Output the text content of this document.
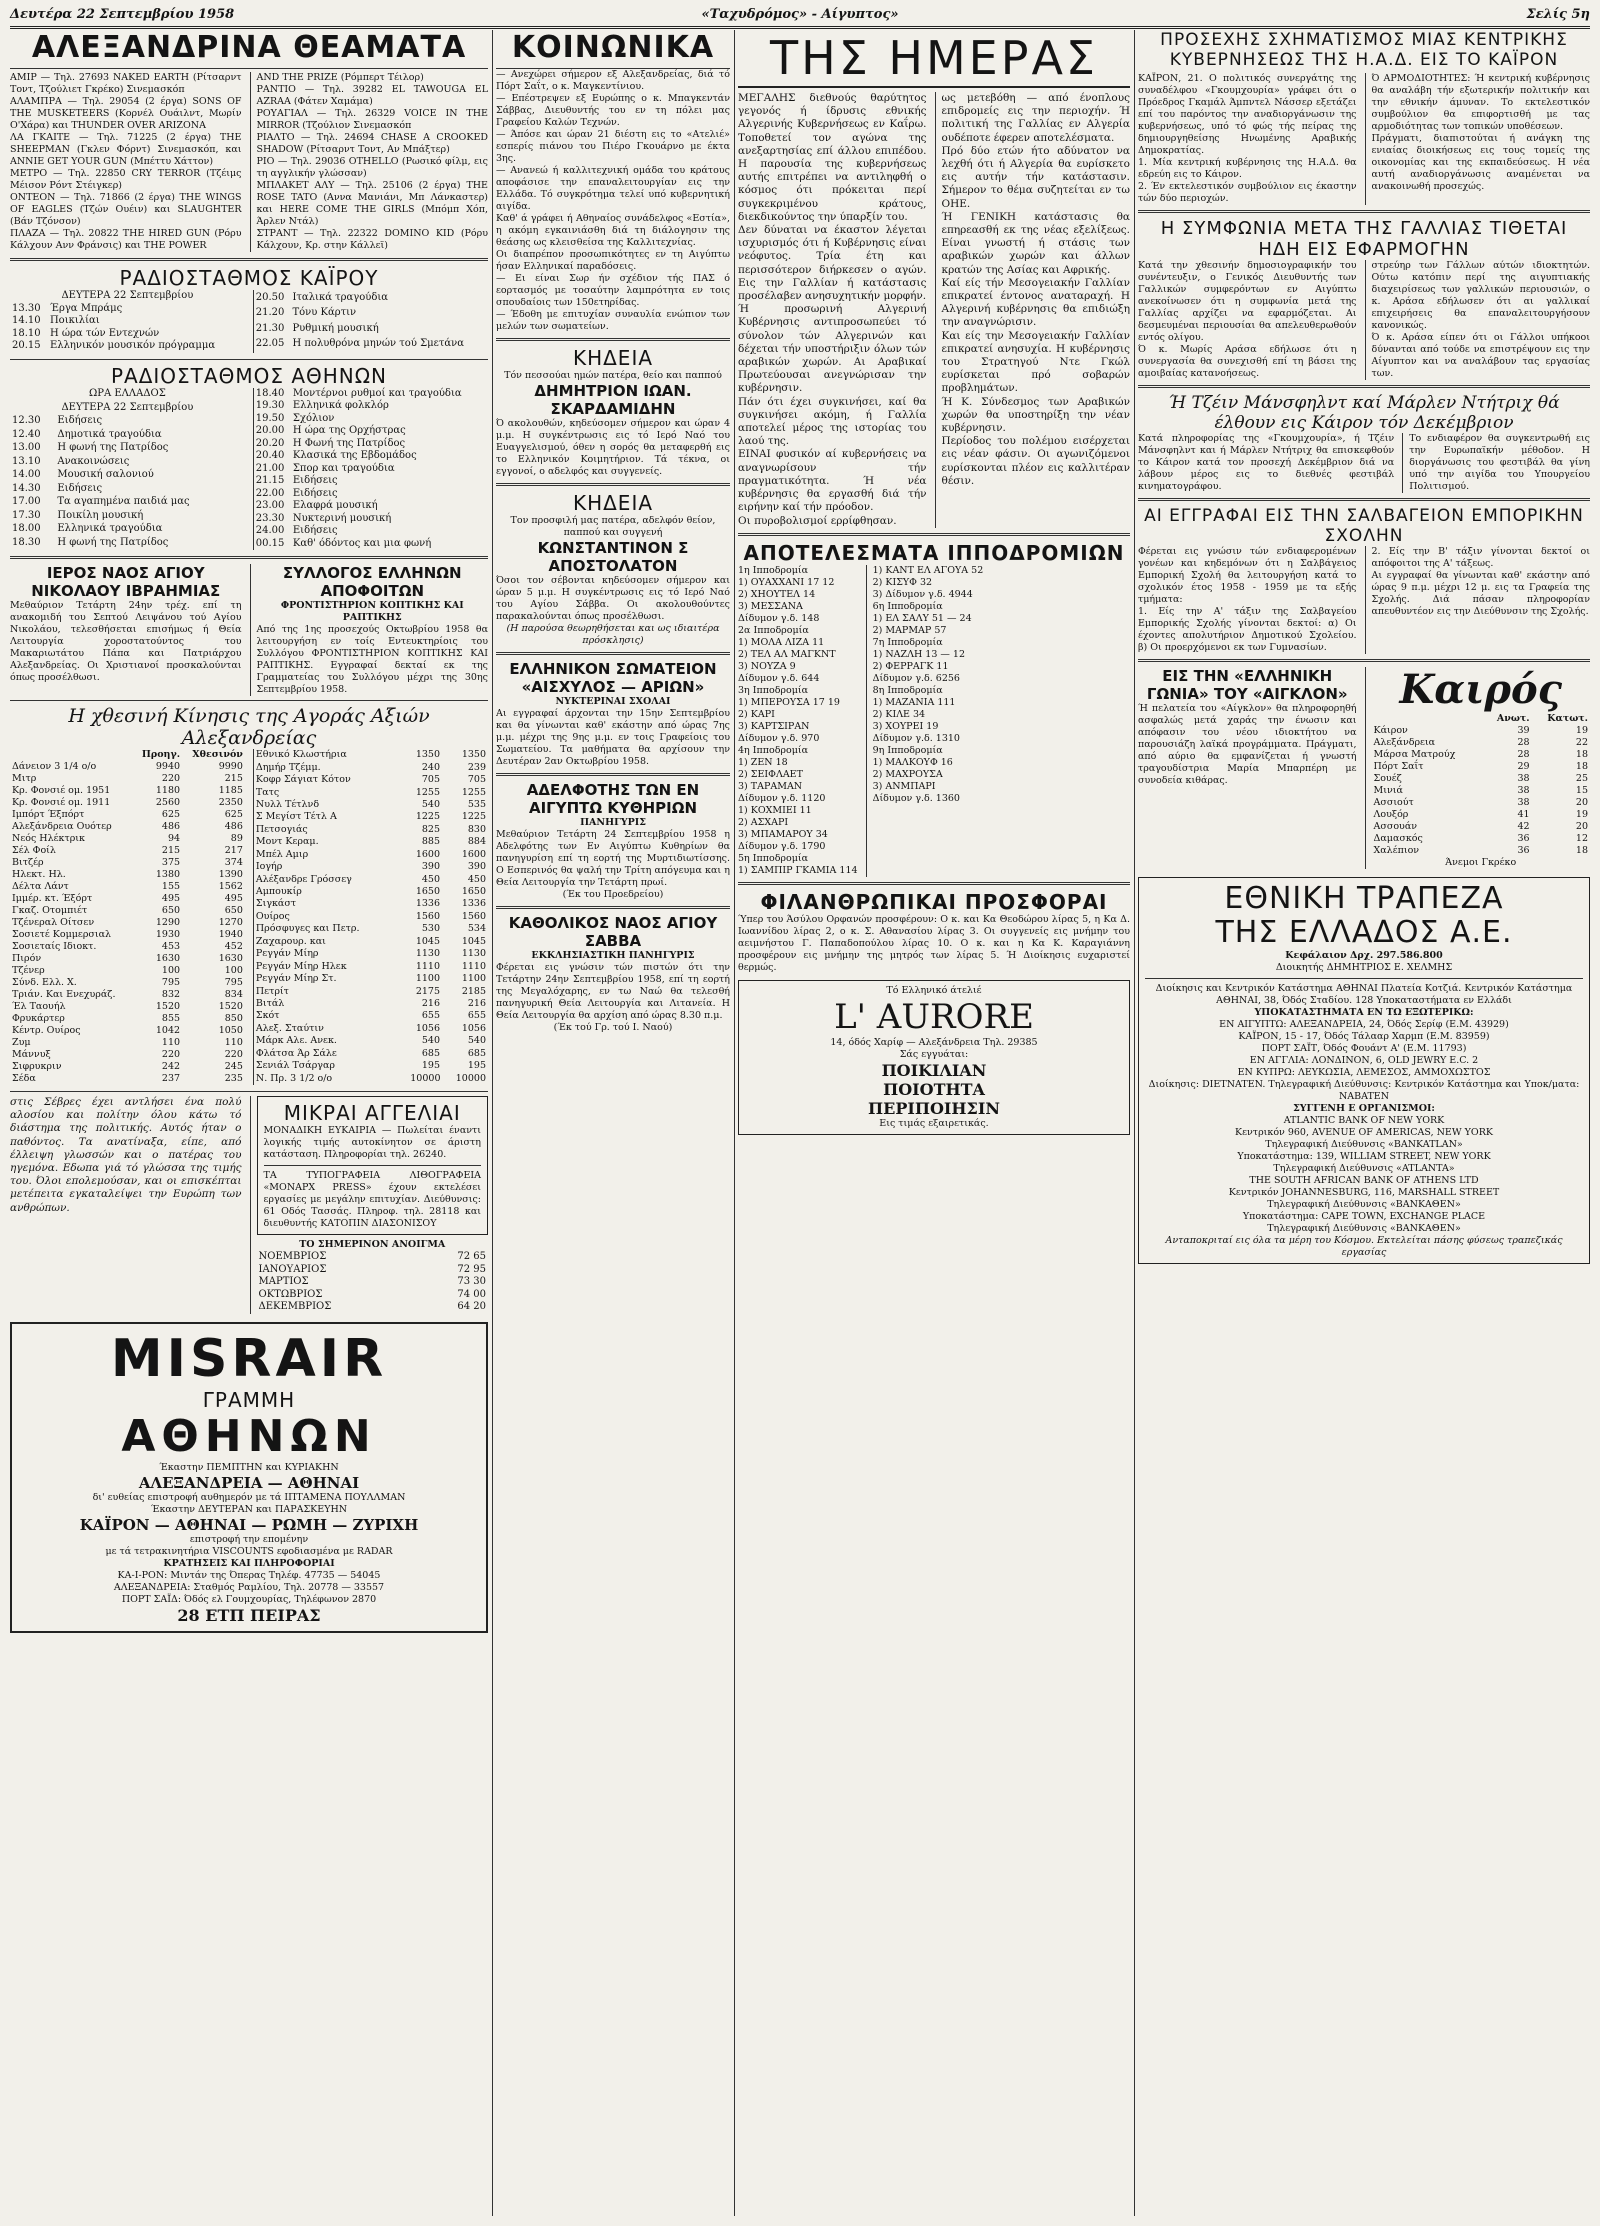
Δευτέρα 22 Σεπτεμβρίου 1958	«Ταχυδρόμος» - Αίγυπτος»	Σελίς 5η
ΑΛΕΞΑΝΔΡΙΝΑ ΘΕΑΜΑΤΑ

ΑΜΙΡ — Τηλ. 27693 NAKED EARTH (Ρίτσαρντ Τοντ, Τζούλιετ Γκρέκο) Σινεμασκόπ

ΑΛΑΜΠΡΑ — Τηλ. 29054 (2 έργα) SONS OF THE MUSKETEERS (Κορνέλ Ουάιλντ, Μωρίν Ο'Χάρα) και THUNDER OVER ARIZONA

ΛΑ ΓΚΑΙΤΕ — Τηλ. 71225 (2 έργα) THE SHEEPMAN (Γκλεν Φόρντ) Σινεμασκόπ, και ANNIE GET YOUR GUN (Μπέττυ Χάττον)

ΜΕΤΡΟ — Τηλ. 22850 CRY TERROR (Τζέιμς Μέισον Ρόντ Στέιγκερ)

ΟΝΤΕΟΝ — Τηλ. 71866 (2 έργα) THE WINGS OF EAGLES (Τζών Ουέιν) και SLAUGHTER (Βάν Τζόνσον)

ΠΛΑΖΑ — Τηλ. 20822 THE HIRED GUN (Ρόρυ Κάλχουν Ανν Φράνσις) και THE POWER

AND THE PRIZE (Ρόμπερτ Τέιλορ)

ΡΑΝΤΙΟ — Τηλ. 39282 EL TAWOUGA EL AZRAA (Φάτεν Χαμάμα)

ΡΟΥΑΓΙΑΛ — Τηλ. 26329 VOICE IN THE MIRROR (Τζούλιον Σινεμασκόπ

ΡΙΑΛΤΟ — Τηλ. 24694 CHASE A CROOKED SHADOW (Ρίτσαρντ Τοντ, Αν Μπάξτερ)

ΡΙΟ — Τηλ. 29036 OTHELLO (Ρωσικό φίλμ, εις τη αγγλικήν γλώσσαν)

ΜΠΛΑΚΕΤ ΑΛΥ — Τηλ. 25106 (2 έργα) THE ROSE TATO (Αννα Μανιάνι, Μπ Λάνκαστερ) και HERE COME THE GIRLS (Μπόμπ Χόπ, Άρλεν Ντάλ)

ΣΤΡΑΝΤ — Τηλ. 22322 DOMINO KID (Ρόρυ Κάλχουν, Κρ. στην Κάλλεϊ)

ΡΑΔΙΟΣΤΑΘΜΟΣ ΚΑΪΡΟΥ
ΔΕΥΤΕΡΑ 22 Σεπτεμβρίου	
13.30	Έργα Μπράμς
14.10	Ποικιλίαι
18.10	Η ώρα τών Εντεχνών
20.15	Ελληνικόν μουσικόν πρόγραμμα
20.50	Ιταλικά τραγούδια
21.20	Τόνυ Κάρτιν
21.30	Ρυθμική μουσική
22.05	Η πολυθρόνα μηνών τού Σμετάνα
ΡΑΔΙΟΣΤΑΘΜΟΣ ΑΘΗΝΩΝ
ΩΡΑ ΕΛΛΑΔΟΣ	
ΔΕΥΤΕΡΑ 22 Σεπτεμβρίου	
12.30	Ειδήσεις
12.40	Δημοτικά τραγούδια
13.00	Η φωνή της Πατρίδος
13.10	Ανακοινώσεις
14.00	Μουσική σαλονιού
14.30	Ειδήσεις
17.00	Τα αγαπημένα παιδιά μας
17.30	Ποικίλη μουσική
18.00	Ελληνικά τραγούδια
18.30	Η φωνή της Πατρίδος
18.40	Μοντέρνοι ρυθμοί και τραγούδια
19.30	Ελληνικά φολκλόρ
19.50	Σχόλιον
20.00	Η ώρα της Ορχήστρας
20.20	Η Φωνή της Πατρίδος
20.40	Κλασικά της Εβδομάδος
21.00	Σπορ και τραγούδια
21.15	Ειδήσεις
22.00	Ειδήσεις
23.00	Ελαφρά μουσική
23.30	Νυκτερινή μουσική
24.00	Ειδήσεις
00.15	Καθ' όδόντος και μια φωνή
ΙΕΡΟΣ ΝΑΟΣ ΑΓΙΟΥ ΝΙΚΟΛΑΟΥ ΙΒΡΑΗΜΙΑΣ

Μεθαύριον Τετάρτη 24ην τρέχ. επί τη ανακομιδή του Σεπτού Λειψάνου τού Αγίου Νικολάου, τελεσθήσεται επισήμως ή Θεία Λειτουργία χοροστατούντος του Μακαριωτάτου Πάπα και Πατριάρχου Αλεξανδρείας. Οι Χριστιανοί προσκαλούνται όπως προσέλθωσι.

ΣΥΛΛΟΓΟΣ ΕΛΛΗΝΩΝ ΑΠΟΦΟΙΤΩΝ
ΦΡΟΝΤΙΣΤΗΡΙΟΝ ΚΟΠΤΙΚΗΣ ΚΑΙ ΡΑΠΤΙΚΗΣ

Από της 1ης προσεχούς Οκτωβρίου 1958 θα λειτουργήση εν τοίς Εντευκτηρίοις του Συλλόγου ΦΡΟΝΤΙΣΤΗΡΙΟΝ ΚΟΠΤΙΚΗΣ ΚΑΙ ΡΑΠΤΙΚΗΣ. Εγγραφαί δεκταί εκ της Γραμματείας του Συλλόγου μέχρι της 30ης Σεπτεμβρίου 1958.

Η χθεσινή Κίνησις της Αγοράς Αξιών Αλεξανδρείας
	Προηγ.	Χθεσινόν
Δάνειον 3 1/4 ο/ο	9940	9990
Μιτρ	220	215
Κρ. Φονσιέ ομ. 1951	1180	1185
Κρ. Φονσιέ ομ. 1911	2560	2350
Ιμπόρτ Έξπόρτ	625	625
Αλεξάνδρεια Ουότερ	486	486
Νεός Ηλέκτρικ	94	89
Σέλ Φοίλ	215	217
Βιτζέρ	375	374
Ηλεκτ. Ηλ.	1380	1390
Δέλτα Λάντ	155	1562
Ιμμέρ. κτ. Έξόρτ	495	495
Γκαζ. Οτομπιέτ	650	650
Τζένεραλ Οίτσεν	1290	1270
Σοσιετέ Κομμερσιαλ	1930	1940
Σοσιεταίς Ιδιοκτ.	453	452
Πιρόν	1630	1630
Τζένερ	100	100
Σύνδ. Ελλ. Χ.	795	795
Τριάν. Και Ενεχυράζ.	832	834
Έλ Ταουήλ	1520	1520
Φρυκάρτερ	855	850
Κέντρ. Ουίρος	1042	1050
Ζυμ	110	110
Μάννυξ	220	220
Σιφρυκριν	242	245
Σέδα	237	235
Εθνικό Κλωστήρια	1350	1350
Δημήρ Τζέμμ.	240	239
Κοφρ Σάγιατ Κότον	705	705
Τατς	1255	1255
Νυλλ Τέτλνδ	540	535
Σ Μεγίστ Τέτλ Α	1225	1225
Πετσογιάς	825	830
Μοντ Κεραμ.	885	884
Μπέλ Αμιρ	1600	1600
Ιογήρ	390	390
Αλέξανδρε Γρόσσεγ	450	450
Αμπουκίρ	1650	1650
Σιγκάστ	1336	1336
Ουίρος	1560	1560
Πρόσφυγες και Πετρ.	530	534
Ζαχαρουρ. και	1045	1045
Ρεγγάν Μίηρ	1130	1130
Ρεγγάν Μίηρ Ηλεκ	1110	1110
Ρεγγάν Μίηρ Στ.	1100	1100
Πετρίτ	2175	2185
Βιτάλ	216	216
Σκότ	655	655
Αλεξ. Σταύτιν	1056	1056
Μάρκ Αλε. Ανεκ.	540	540
Φλάτσα Άρ Σάλε	685	685
Σενιάλ Τσάργαρ	195	195
Ν. Πρ. 3 1/2 ο/ο	10000	10000

στις Σέβρες έχει αντλήσει ένα πολύ αλοσίου και πολίτην όλου κάτω τό διάστημα της πολιτικής. Αυτός ήταν ο παθόντος. Τα ανατίναξα, είπε, από έλλειψη γλωσσών και ο πατέρας του ηγεμόνα. Εδωπα γιά τό γλώσσα της τιμής του. Όλοι επολεμούσαν, και οι επισκέπται μετέπειτα εγκαταλείψει την Ευρώπη των ανθρώπων.

ΜΙΚΡΑΙ ΑΓΓΕΛΙΑΙ

ΜΟΝΑΔΙΚΗ ΕΥΚΑΙΡΙΑ — Πωλείται έναντι λογικής τιμής αυτοκίνητον σε άριστη κατάσταση. Πληροφορίαι τηλ. 26240.

ΤΑ ΤΥΠΟΓΡΑΦΕΙΑ ΛΙΘΟΓΡΑΦΕΙΑ «ΜΟΝΑΡΧ PRESS» έχουν εκτελέσει εργασίες με μεγάλην επιτυχίαν. Διεύθυνσις: 61 Οδός Τασσάς. Πληροφ. τηλ. 28118 και διευθυντής ΚΑΤΟΠΙΝ ΔΙΑΣΟΝΙΣΟΥ

ΤΟ ΣΗΜΕΡΙΝΟΝ ΑΝΟΙΓΜΑ
ΝΟΕΜΒΡΙΟΣ	72 65
ΙΑΝΟΥΑΡΙΟΣ	72 95
ΜΑΡΤΙΟΣ	73 30
ΟΚΤΩΒΡΙΟΣ	74 00
ΔΕΚΕΜΒΡΙΟΣ	64 20
MISRAIR
ΓΡΑΜΜΗ
ΑΘΗΝΩΝ
Έκαστην ΠΕΜΠΤΗΝ και ΚΥΡΙΑΚΗΝ
ΑΛΕΞΑΝΔΡΕΙΑ — ΑΘΗΝΑΙ
δι' ευθείας επιστροφή αυθημερόν με τά ΙΠΤΑΜΕΝΑ ΠΟΥΛΛΜΑΝ
Έκαστην ΔΕΥΤΕΡΑΝ και ΠΑΡΑΣΚΕΥΗΝ
ΚΑΪΡΟΝ — ΑΘΗΝΑΙ — ΡΩΜΗ — ΖΥΡΙΧΗ
επιστροφή την επομένην
με τά τετρακινητήρια VISCOUNTS εφοδιασμένα με RADAR
ΚΡΑΤΗΣΕΙΣ ΚΑΙ ΠΛΗΡΟΦΟΡΙΑΙ
ΚΑ-Ι-ΡΟΝ: Μιντάν της Όπερας Τηλέφ. 47735 — 54045
ΑΛΕΞΑΝΔΡΕΙΑ: Σταθμός Ραμλίου, Τηλ. 20778 — 33557
ΠΟΡΤ ΣΑΪΔ: Όδός ελ Γουμχουρίας, Τηλέφωνον 2870
28 ΕΤΠ ΠΕΙΡΑΣ
ΚΟΙΝΩΝΙΚΑ

— Ανεχώρει σήμερον εξ Αλεξανδρείας, διά τό Πόρτ Σαΐτ, ο κ. Μαγκεντίνιου.

— Επέστρεψεν εξ Ευρώπης ο κ. Μπαγκεντάν Σάββας, Διευθυντής του εν τη πόλει μας Γραφείου Καλών Τεχνών.

— Άπόσε και ώραν 21 διέστη εις το «Ατελιέ» εσπερίς πιάνου του Πιέρο Γκουάρνο με έκτα 3ης.

— Ανανεώ ή καλλιτεχνική ομάδα του κράτους αποφάσισε την επαναλειτουργίαν εις την Ελλάδα. Τό συγκρότημα τελεί υπό κυβερνητική αιγίδα.

Καθ' ά γράφει ή Αθηναίος συνάδελφος «Εστία», η ακόμη εγκαινιάσθη διά τη διάλογησιν της θεάσης ως κλεισθείσα της Καλλιτεχνίας.

Οι διαπρέπον προσωπικότητες εν τη Αιγύπτω ήσαν Ελληνικαί παραδόσεις.

— Ει είναι Σωρ ήν σχέδιον τής ΠΑΣ ό εορτασμός με τοσαύτην λαμπρότητα εν τοις σπουδαίοις των 150ετηρίδας.

— Έδοθη με επιτυχίαν συναυλία ενώπιον των μελών των σωματείων.

ΚΗΔΕΙΑ

Τόν πεσσούαι ημών πατέρα, θείο και παππού

ΔΗΜΗΤΡΙΟΝ ΙΩΑΝ. ΣΚΑΡΔΑΜΙΔΗΝ

Ό ακολουθών, κηδεύσομεν σήμερον και ώραν 4 μ.μ. Η συγκέντρωσις εις τό Ιερό Ναό του Ευαγγελισμού, όθεν η σορός θα μεταφερθή εις το Ελληνικόν Κοιμητήριον. Τά τέκνα, οι εγγονοί, ο αδελφός και συγγενείς.

ΚΗΔΕΙΑ

Τον προσφιλή μας πατέρα, αδελφόν θείον, παππού και συγγενή

ΚΩΝΣΤΑΝΤΙΝΟΝ Σ ΑΠΟΣΤΟΛΑΤΟΝ

Όσοι τον σέβονται κηδεύσομεν σήμερον και ώραν 5 μ.μ. Η συγκέντρωσις εις τό Ιερό Ναό του Αγίου Σάββα. Οι ακολουθούντες παρακαλούνται όπως προσέλθωσι.

(Η παρούσα θεωρηθήσεται και ως ιδιαιτέρα πρόσκλησις)

ΕΛΛΗΝΙΚΟΝ ΣΩΜΑΤΕΙΟΝ «ΑΙΣΧΥΛΟΣ — ΑΡΙΩΝ»
ΝΥΚΤΕΡΙΝΑΙ ΣΧΟΛΑΙ

Αι εγγραφαί άρχονται την 15ην Σεπτεμβρίου και θα γίνωνται καθ' εκάστην από ώρας 7ης μ.μ. μέχρι της 9ης μ.μ. εν τοις Γραφείοις του Σωματείου. Τα μαθήματα θα αρχίσουν την Δευτέραν 2αν Οκτωβρίου 1958.

ΑΔΕΛΦΟΤΗΣ ΤΩΝ ΕΝ ΑΙΓΥΠΤΩ ΚΥΘΗΡΙΩΝ
ΠΑΝΗΓΥΡΙΣ

Μεθαύριον Τετάρτη 24 Σεπτεμβρίου 1958 η Αδελφότης των Εν Αιγύπτω Κυθηρίων θα πανηγυρίση επί τη εορτή της Μυρτιδιωτίσσης. Ο Εσπερινός θα ψαλή την Τρίτη απόγευμα και η Θεία Λειτουργία την Τετάρτη πρωί.

(Έκ του Προεδρείου)

ΚΑΘΟΛΙΚΟΣ ΝΑΟΣ ΑΓΙΟΥ ΣΑΒΒΑ
ΕΚΚΛΗΣΙΑΣΤΙΚΗ ΠΑΝΗΓΥΡΙΣ

Φέρεται εις γνώσιν τών πιστών ότι την Τετάρτην 24ην Σεπτεμβρίου 1958, επί τη εορτή της Μεγαλόχαρης, εν τω Ναώ θα τελεσθή πανηγυρική Θεία Λειτουργία και Λιτανεία. Η Θεία Λειτουργία θα αρχίση από ώρας 8.30 π.μ.

(Έκ τού Γρ. τού Ι. Ναού)

ΤΗΣ ΗΜΕΡΑΣ

ΜΕΓΑΛΗΣ διεθνούς θαρύτητος γεγονός ή ίδρυσις εθνικής Αλγερινής Κυβερνήσεως εν Καΐρω. Τοποθετεί τον αγώνα της ανεξαρτησίας επί άλλου επιπέδου. Η παρουσία της κυβερνήσεως αυτής επιτρέπει να αντιληφθή ο κόσμος ότι πρόκειται περί συγκεκριμένου κράτους, διεκδικούντος την ύπαρξίν του.

Δεν δύναται να έκαστον λέγεται ισχυρισμός ότι ή Κυβέρνησις είναι νεόφυτος. Τρία έτη και περισσότερον διήρκεσεν ο αγών. Εις την Γαλλίαν ή κατάστασις προσέλαβεν ανησυχητικήν μορφήν.

Ή προσωρινή Αλγερινή Κυβέρνησις αντιπροσωπεύει τό σύνολον τών Αλγερινών και δέχεται τήν υποστήριξιν όλων τών αραβικών χωρών. Αι Αραβικαί Πρωτεύουσαι ανεγνώρισαν την κυβέρνησιν.

Πάν ότι έχει συγκινήσει, καί θα συγκινήσει ακόμη, ή Γαλλία αποτελεί μέρος της ιστορίας του λαού της.

ΕΙΝΑΙ φυσικόν αί κυβερνήσεις να αναγνωρίσουν τήν πραγματικότητα. Ή νέα κυβέρνησις θα εργασθή διά τήν ειρήνην καί τήν πρόοδον.

Οι πυροβολισμοί ερρίφθησαν.

ως μετεβόθη — από ένοπλους επιδρομείς εις την περιοχήν. Ή πολιτική της Γαλλίας εν Αλγερία ουδέποτε έφερεν αποτελέσματα.

Πρό δύο ετών ήτο αδύνατον να λεχθή ότι ή Αλγερία θα ευρίσκετο εις αυτήν τήν κατάστασιν. Σήμερον το θέμα συζητείται εν τω ΟΗΕ.

Ή ΓΕΝΙΚΗ κατάστασις θα επηρεασθή εκ της νέας εξελίξεως. Είναι γνωστή ή στάσις των αραβικών χωρών και άλλων κρατών της Ασίας και Αφρικής.

Καί είς τήν Μεσογειακήν Γαλλίαν επικρατεί έντονος αναταραχή. Η Αλγερινή κυβέρνησις θα επιδιώξη την αναγνώρισιν.

Και είς την Μεσογειακήν Γαλλίαν επικρατεί ανησυχία. Η κυβέρνησις του Στρατηγού Ντε Γκώλ ευρίσκεται πρό σοβαρών προβλημάτων.

Ή Κ. Σύνδεσμος των Αραβικών χωρών θα υποστηρίξη την νέαν κυβέρνησιν.

Περίοδος του πολέμου εισέρχεται εις νέαν φάσιν. Οι αγωνιζόμενοι ευρίσκονται πλέον εις καλλιτέραν θέσιν.

ΑΠΟΤΕΛΕΣΜΑΤΑ ΙΠΠΟΔΡΟΜΙΩΝ
1η Ιπποδρομία
1) ΟΥΑΧΧΑΝΙ 17 12
2) ΧΗΟΥΤΕΛ 14
3) ΜΕΣΣΑΝΑ
Δίδυμον γ.δ. 148
2α Ιπποδρομία
1) ΜΟΛΑ ΛΙΖΑ 11
2) ΤΕΛ ΑΛ ΜΑΓΚΝΤ
3) ΝΟΥΖΑ 9
Δίδυμον γ.δ. 644
3η Ιπποδρομία
1) ΜΠΕΡΟΥΣΑ 17 19
2) ΚΑΡΙ
3) ΚΑΡΤΣΙΡΑΝ
Δίδυμον γ.δ. 970
4η Ιπποδρομία
1) ΖΕΝ 18
2) ΣΕΙΦΛΑΕΤ
3) ΤΑΡΑΜΑΝ
Δίδυμον γ.δ. 1120
1) ΚΟΧΜΙΕΙ 11
2) ΑΣΧΑΡΙ
3) ΜΠΑΜΑΡΟΥ 34
Δίδυμον γ.δ. 1790
5η Ιπποδρομία
1) ΣΑΜΠΙΡ ΓΚΑΜΙΑ 114
1) ΚΑΝΤ ΕΛ ΑΓΟΥΑ 52
2) ΚΙΣΥΦ 32
3) Δίδυμον γ.δ. 4944
6η Ιπποδρομία
1) ΕΛ ΣΑΛΥ 51 — 24
2) ΜΑΡΜΑΡ 57
7η Ιπποδρομία
1) ΝΑΖΛΗ 13 — 12
2) ΦΕΡΡΑΓΚ 11
Δίδυμον γ.δ. 6256
8η Ιπποδρομία
1) ΜΑΖΑΝΙΑ 111
2) ΚΙΛΕ 34
3) ΧΟΥΡΕΙ 19
Δίδυμον γ.δ. 1310
9η Ιπποδρομία
1) ΜΑΛΚΟΥΦ 16
2) ΜΑΧΡΟΥΣΑ
3) ΑΝΜΠΑΡΙ
Δίδυμον γ.δ. 1360
ΦΙΛΑΝΘΡΩΠΙΚΑΙ ΠΡΟΣΦΟΡΑΙ

Ύπερ του Άσύλου Ορφανών προσφέρουν: Ο κ. και Κα Θεοδώρου λίρας 5, η Κα Δ. Ιωαννίδου λίρας 2, ο κ. Σ. Αθανασίου λίρας 3. Οι συγγενείς εις μνήμην του αειμνήστου Γ. Παπαδοπούλου λίρας 10. Ο κ. και η Κα Κ. Καραγιάννη προσφέρουν εις μνήμην της μητρός των λίρας 5. Ή Διοίκησις ευχαριστεί θερμώς.

Τό Ελληνικό άτελιέ
L' AURORE
14, όδός Χαρίφ — Αλεξάνδρεια Τηλ. 29385
Σάς εγγυάται:
ΠΟΙΚΙΛΙΑΝ
ΠΟΙΟΤΗΤΑ
ΠΕΡΙΠΟΙΗΣΙΝ
Εις τιμάς εξαιρετικάς.
ΠΡΟΣΕΧΗΣ ΣΧΗΜΑΤΙΣΜΟΣ ΜΙΑΣ ΚΕΝΤΡΙΚΗΣ ΚΥΒΕΡΝΗΣΕΩΣ ΤΗΣ Η.Α.Δ. ΕΙΣ ΤΟ ΚΑΪΡΟΝ

ΚΑΪΡΟΝ, 21. Ο πολιτικός συνεργάτης της συναδέλφου «Γκουμχουρία» γράφει ότι ο Πρόεδρος Γκαμάλ Άμπντελ Νάσσερ εξετάζει επί του παρόντος την αναδιοργάνωσιν της κυβερνήσεως, υπό τό φώς τής πείρας της δημιουργηθείσης Ηνωμένης Αραβικής Δημοκρατίας.

1. Μία κεντρική κυβέρνησις της Η.Α.Δ. θα εδρεύη εις το Κάιρον.

2. Έν εκτελεστικόν συμβούλιον εις έκαστην τών δύο περιοχών.

Ό ΑΡΜΟΔΙΟΤΗΤΕΣ: Ή κεντρική κυβέρνησις θα αναλάβη τήν εξωτερικήν πολιτικήν και την εθνικήν άμυναν. Το εκτελεστικόν συμβούλιον θα επιφορτισθή με τας αρμοδιότητας των τοπικών υποθέσεων.

Πράγματι, διαπιστούται ή ανάγκη της ενιαίας διοικήσεως εις τους τομείς της οικονομίας και της εκπαιδεύσεως. Η νέα αυτή αναδιοργάνωσις αναμένεται να ανακοινωθή προσεχώς.

Η ΣΥΜΦΩΝΙΑ ΜΕΤΑ ΤΗΣ ΓΑΛΛΙΑΣ ΤΙΘΕΤΑΙ ΗΔΗ ΕΙΣ ΕΦΑΡΜΟΓΗΝ

Κατά την χθεσινήν δημοσιογραφικήν του συνέντευξιν, ο Γενικός Διευθυντής των Γαλλικών συμφερόντων εν Αιγύπτω ανεκοίνωσεν ότι η συμφωνία μετά της Γαλλίας αρχίζει να εφαρμόζεται. Αι δεσμευμέναι περιουσίαι θα απελευθερωθούν εντός ολίγου.

Ό κ. Μωρίς Αράσα εδήλωσε ότι η συνεργασία θα συνεχισθή επί τη βάσει της αμοιβαίας κατανοήσεως.

στρεύηρ των Γάλλων αύτών ιδιοκτητών. Ούτω κατόπιν περί της αιγυπτιακής διαχειρίσεως των γαλλικών περιουσιών, ο κ. Αράσα εδήλωσεν ότι αι γαλλικαί επιχειρήσεις θα επαναλειτουργήσουν κανονικώς.

Ό κ. Αράσα είπεν ότι οι Γάλλοι υπήκοοι δύνανται από τούδε να επιστρέψουν εις την Αίγυπτον και να αναλάβουν τας εργασίας των.

Ή Τζέιν Μάνσφηλντ καί Μάρλεν Ντήτριχ θά έλθουν εις Κάιρον τόν Δεκέμβριον

Κατά πληροφορίας της «Γκουμχουρία», ή Τζέιν Μάνσφηλντ και ή Μάρλεν Ντήτριχ θα επισκεφθούν το Κάιρον κατά τον προσεχή Δεκέμβριον διά να λάβουν μέρος εις το διεθνές φεστιβάλ κινηματογράφου.

Το ενδιαφέρον θα συγκεντρωθή εις την Ευρωπαϊκήν μέθοδον. Η διοργάνωσις του φεστιβάλ θα γίνη υπό την αιγίδα του Υπουργείου Πολιτισμού.

ΑΙ ΕΓΓΡΑΦΑΙ ΕΙΣ ΤΗΝ ΣΑΛΒΑΓΕΙΟΝ ΕΜΠΟΡΙΚΗΝ ΣΧΟΛΗΝ

Φέρεται εις γνώσιν τών ενδιαφερομένων γονέων και κηδεμόνων ότι η Σαλβάγειος Εμπορική Σχολή θα λειτουργήση κατά το σχολικόν έτος 1958 - 1959 με τα εξής τμήματα:

1. Είς την Α' τάξιν της Σαλβαγείου Εμπορικής Σχολής γίνονται δεκτοί: α) Οι έχοντες απολυτήριον Δημοτικού Σχολείου. β) Οι προερχόμενοι εκ των Γυμνασίων.

2. Είς την Β' τάξιν γίνονται δεκτοί οι απόφοιτοι της Α' τάξεως.

Αι εγγραφαί θα γίνωνται καθ' εκάστην από ώρας 9 π.μ. μέχρι 12 μ. εις τα Γραφεία της Σχολής. Διά πάσαν πληροφορίαν απευθυντέον εις την Διεύθυνσιν της Σχολής.

ΕΙΣ ΤΗΝ «ΕΛΛΗΝΙΚΗ ΓΩΝΙΑ» ΤΟΥ «ΑΙΓΚΛΟΝ»

Ή πελατεία του «Αίγκλον» θα πληροφορηθή ασφαλώς μετά χαράς την ένωσιν και απόφασιν του νέου ιδιοκτήτου να παρουσιάζη λαϊκά προγράμματα. Πράγματι, από αύριο θα εμφανίζεται ή γνωστή τραγουδίστρια Μαρία Μπαρπέρη με συνοδεία κιθάρας.

Καιρός
	Ανωτ.	Κατωτ.
Κάιρον	39	19
Αλεξάνδρεια	28	22
Μάρσα Ματρούχ	28	18
Πόρτ Σαΐτ	29	18
Σουέζ	38	25
Μινιά	38	15
Ασσιούτ	38	20
Λουξόρ	41	19
Ασσουάν	42	20
Δαμασκός	36	12
Χαλέπιον	36	18
Άνεμοι Γκρέκο
ΕΘΝΙΚΗ ΤΡΑΠΕΖΑ
ΤΗΣ ΕΛΛΑΔΟΣ Α.Ε.
Κεφάλαιον Δρχ. 297.586.800
Διοικητής ΔΗΜΗΤΡΙΟΣ Ε. ΧΕΛΜΗΣ
Διοίκησις και Κεντρικόν Κατάστημα ΑΘΗΝΑΙ Πλατεία Κοτζιά. Κεντρικόν Κατάστημα ΑΘΗΝΑΙ, 38, Όδός Σταδίου. 128 Υποκαταστήματα εν Ελλάδι
ΥΠΟΚΑΤΑΣΤΗΜΑΤΑ ΕΝ ΤΩ ΕΞΩΤΕΡΙΚΩ:
ΕΝ ΑΙΓΥΠΤΩ: ΑΛΕΞΑΝΔΡΕΙΑ, 24, Όδός Σερίφ (Ε.Μ. 43929)
ΚΑΪΡΟΝ, 15 - 17, Όδός Τάλααρ Χαρμπ (Ε.Μ. 83959)
ΠΟΡΤ ΣΑΪΤ, Όδός Φουάντ Α' (Ε.Μ. 11793)
ΕΝ ΑΓΓΛΙΑ: ΛΟΝΔΙΝΟΝ, 6, OLD JEWRY E.C. 2
ΕΝ ΚΥΠΡΩ: ΛΕΥΚΩΣΙΑ, ΛΕΜΕΣΟΣ, ΑΜΜΟΧΩΣΤΟΣ
Διοίκησις: DIETNATEN. Τηλεγραφική Διεύθυνσις: Κεντρικόν Κατάστημα και Υποκ/ματα: NABATEN
ΣΥΓΓΕΝΗ Ε ΟΡΓΑΝΙΣΜΟΙ:
ATLANTIC BANK OF NEW YORK
Κεντρικόν 960, AVENUE OF AMERICAS, NEW YORK
Τηλεγραφική Διεύθυνσις «BANKATLAN»
Υποκατάστημα: 139, WILLIAM STREET, NEW YORK
Τηλεγραφική Διεύθυνσις «ATLANTA»
THE SOUTH AFRICAN BANK OF ATHENS LTD
Κεντρικόν JOHANNESBURG, 116, MARSHALL STREET
Τηλεγραφική Διεύθυνσις «ΒΑΝΚΑΘΕΝ»
Υποκατάστημα: CAPE TOWN, EXCHANGE PLACE
Τηλεγραφική Διεύθυνσις «ΒΑΝΚΑΘΕΝ»
Ανταποκριταί εις όλα τα μέρη του Κόσμου. Εκτελείται πάσης φύσεως τραπεζικάς εργασίας
